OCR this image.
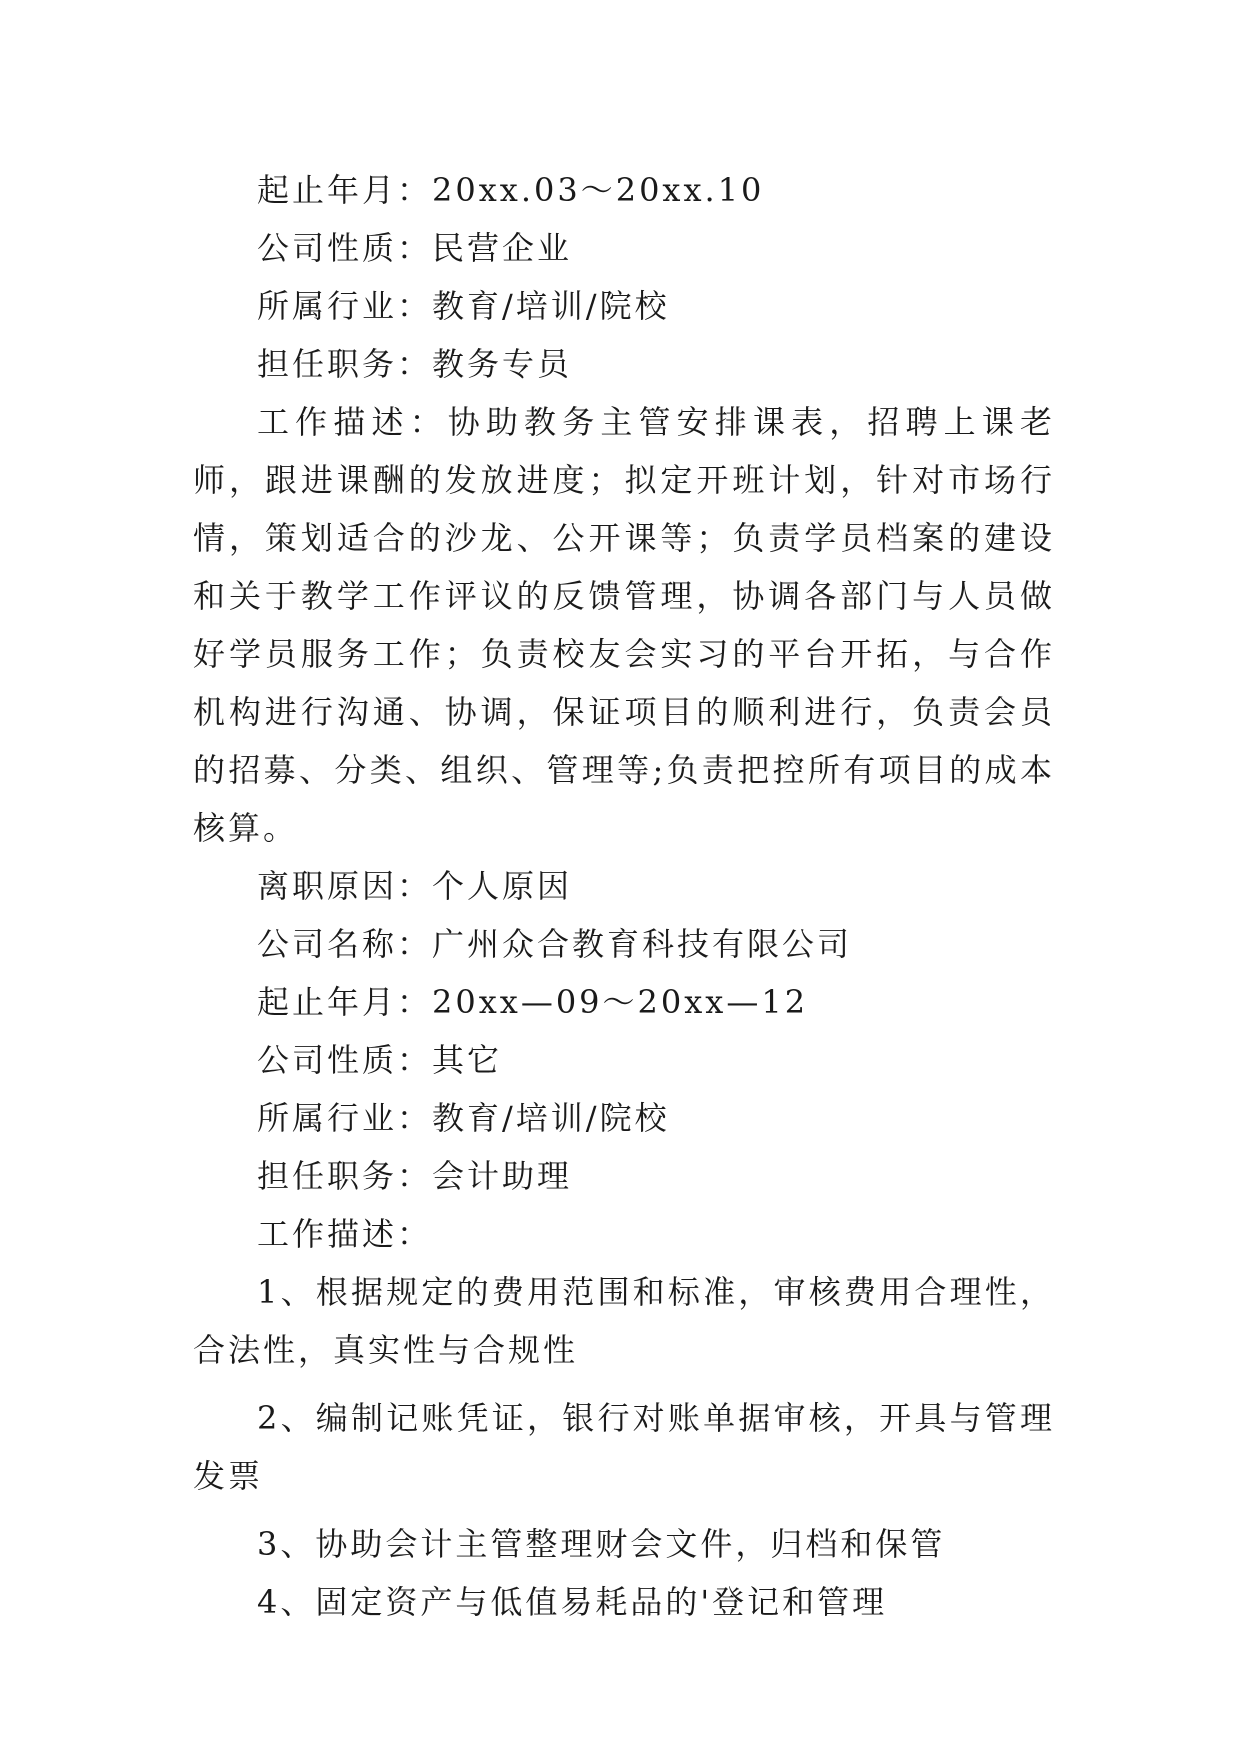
起止年月：20xx.03～20xx.10

公司性质：民营企业

所属行业：教育/培训/院校

担任职务：教务专员

工作描述：协助教务主管安排课表，招聘上课老师，跟进课酬的发放进度；拟定开班计划，针对市场行情，策划适合的沙龙、公开课等；负责学员档案的建设和关于教学工作评议的反馈管理，协调各部门与人员做好学员服务工作；负责校友会实习的平台开拓，与合作机构进行沟通、协调，保证项目的顺利进行，负责会员的招募、分类、组织、管理等;负责把控所有项目的成本核算。

离职原因：个人原因

公司名称：广州众合教育科技有限公司

起止年月：20xx—09～20xx—12

公司性质：其它

所属行业：教育/培训/院校

担任职务：会计助理

工作描述：

1、根据规定的费用范围和标准，审核费用合理性，合法性，真实性与合规性

2、编制记账凭证，银行对账单据审核，开具与管理发票

3、协助会计主管整理财会文件，归档和保管

4、固定资产与低值易耗品的'登记和管理
